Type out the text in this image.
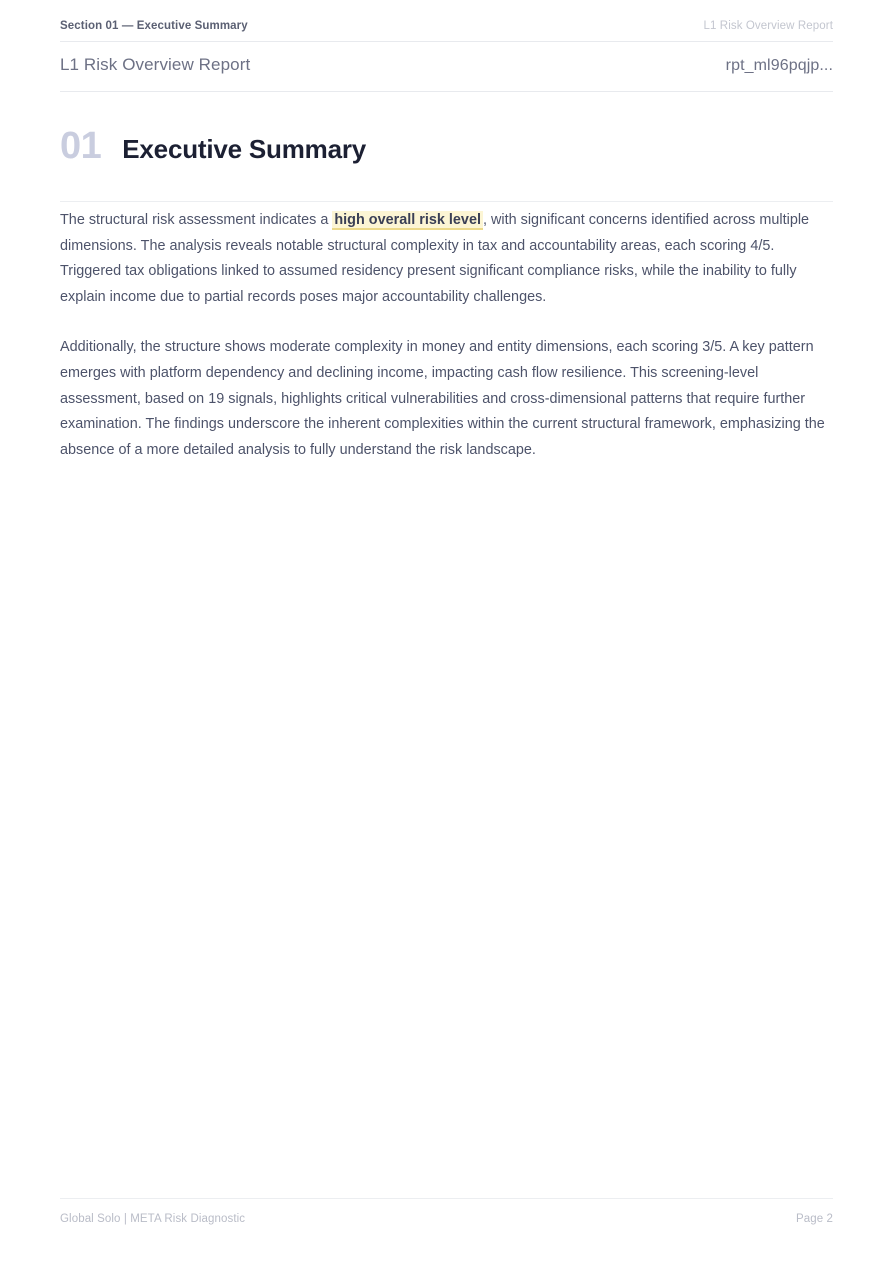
Section 01 — Executive Summary	L1 Risk Overview Report
L1 Risk Overview Report	rpt_ml96pqjp...
01 Executive Summary

The structural risk assessment indicates a high overall risk level , with significant concerns identified across multiple dimensions. The analysis reveals notable structural complexity in tax and accountability areas, each scoring 4/5. Triggered tax obligations linked to assumed residency present significant compliance risks, while the inability to fully explain income due to partial records poses major accountability challenges.

Additionally, the structure shows moderate complexity in money and entity dimensions, each scoring 3/5. A key pattern emerges with platform dependency and declining income, impacting cash flow resilience. This screening-level assessment, based on 19 signals, highlights critical vulnerabilities and cross-dimensional patterns that require further examination. The findings underscore the inherent complexities within the current structural framework, emphasizing the absence of a more detailed analysis to fully understand the risk landscape.

Global Solo | META Risk Diagnostic	Page 2
